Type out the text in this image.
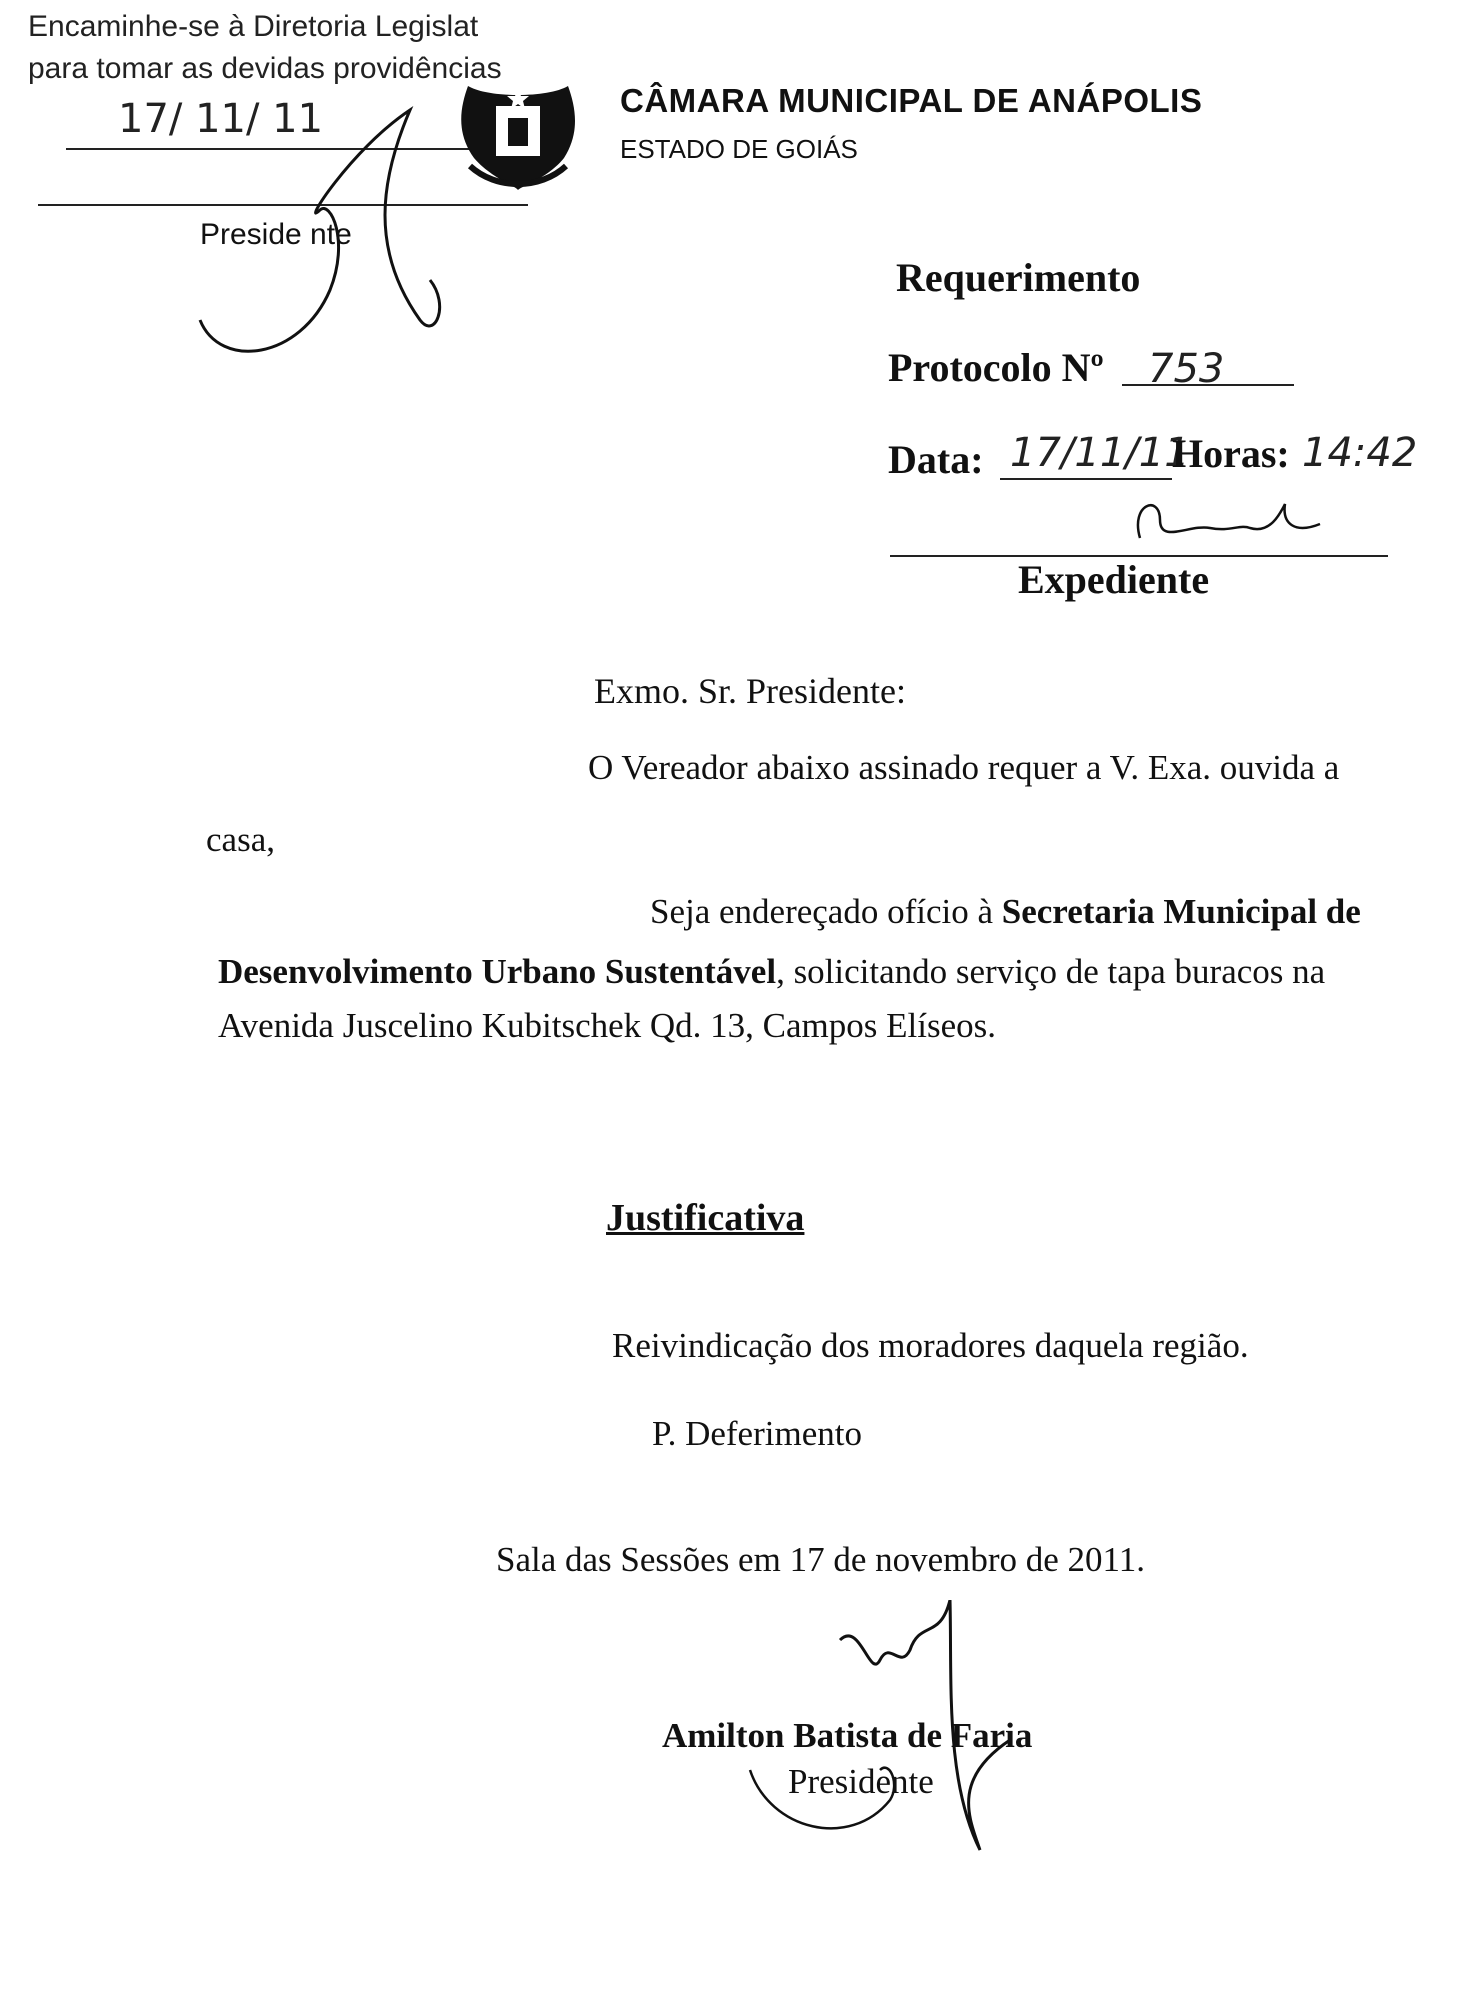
Encaminhe-se à Diretoria Legislat
para tomar as devidas providências
17/ 11/ 11
Preside nte
CÂMARA MUNICIPAL DE ANÁPOLIS
ESTADO DE GOIÁS
Requerimento
Protocolo Nº 753
Data: 17/11/11
Horas: 14:42
Expediente
Exmo. Sr. Presidente:
O Vereador abaixo assinado requer a V. Exa. ouvida a
casa,
Seja endereçado ofício à Secretaria Municipal de
Desenvolvimento Urbano Sustentável, solicitando serviço de tapa buracos na
Avenida Juscelino Kubitschek Qd. 13, Campos Elíseos.
Justificativa
Reivindicação dos moradores daquela região.
P. Deferimento
Sala das Sessões em 17 de novembro de 2011.
Amilton Batista de Faria
Presidente
